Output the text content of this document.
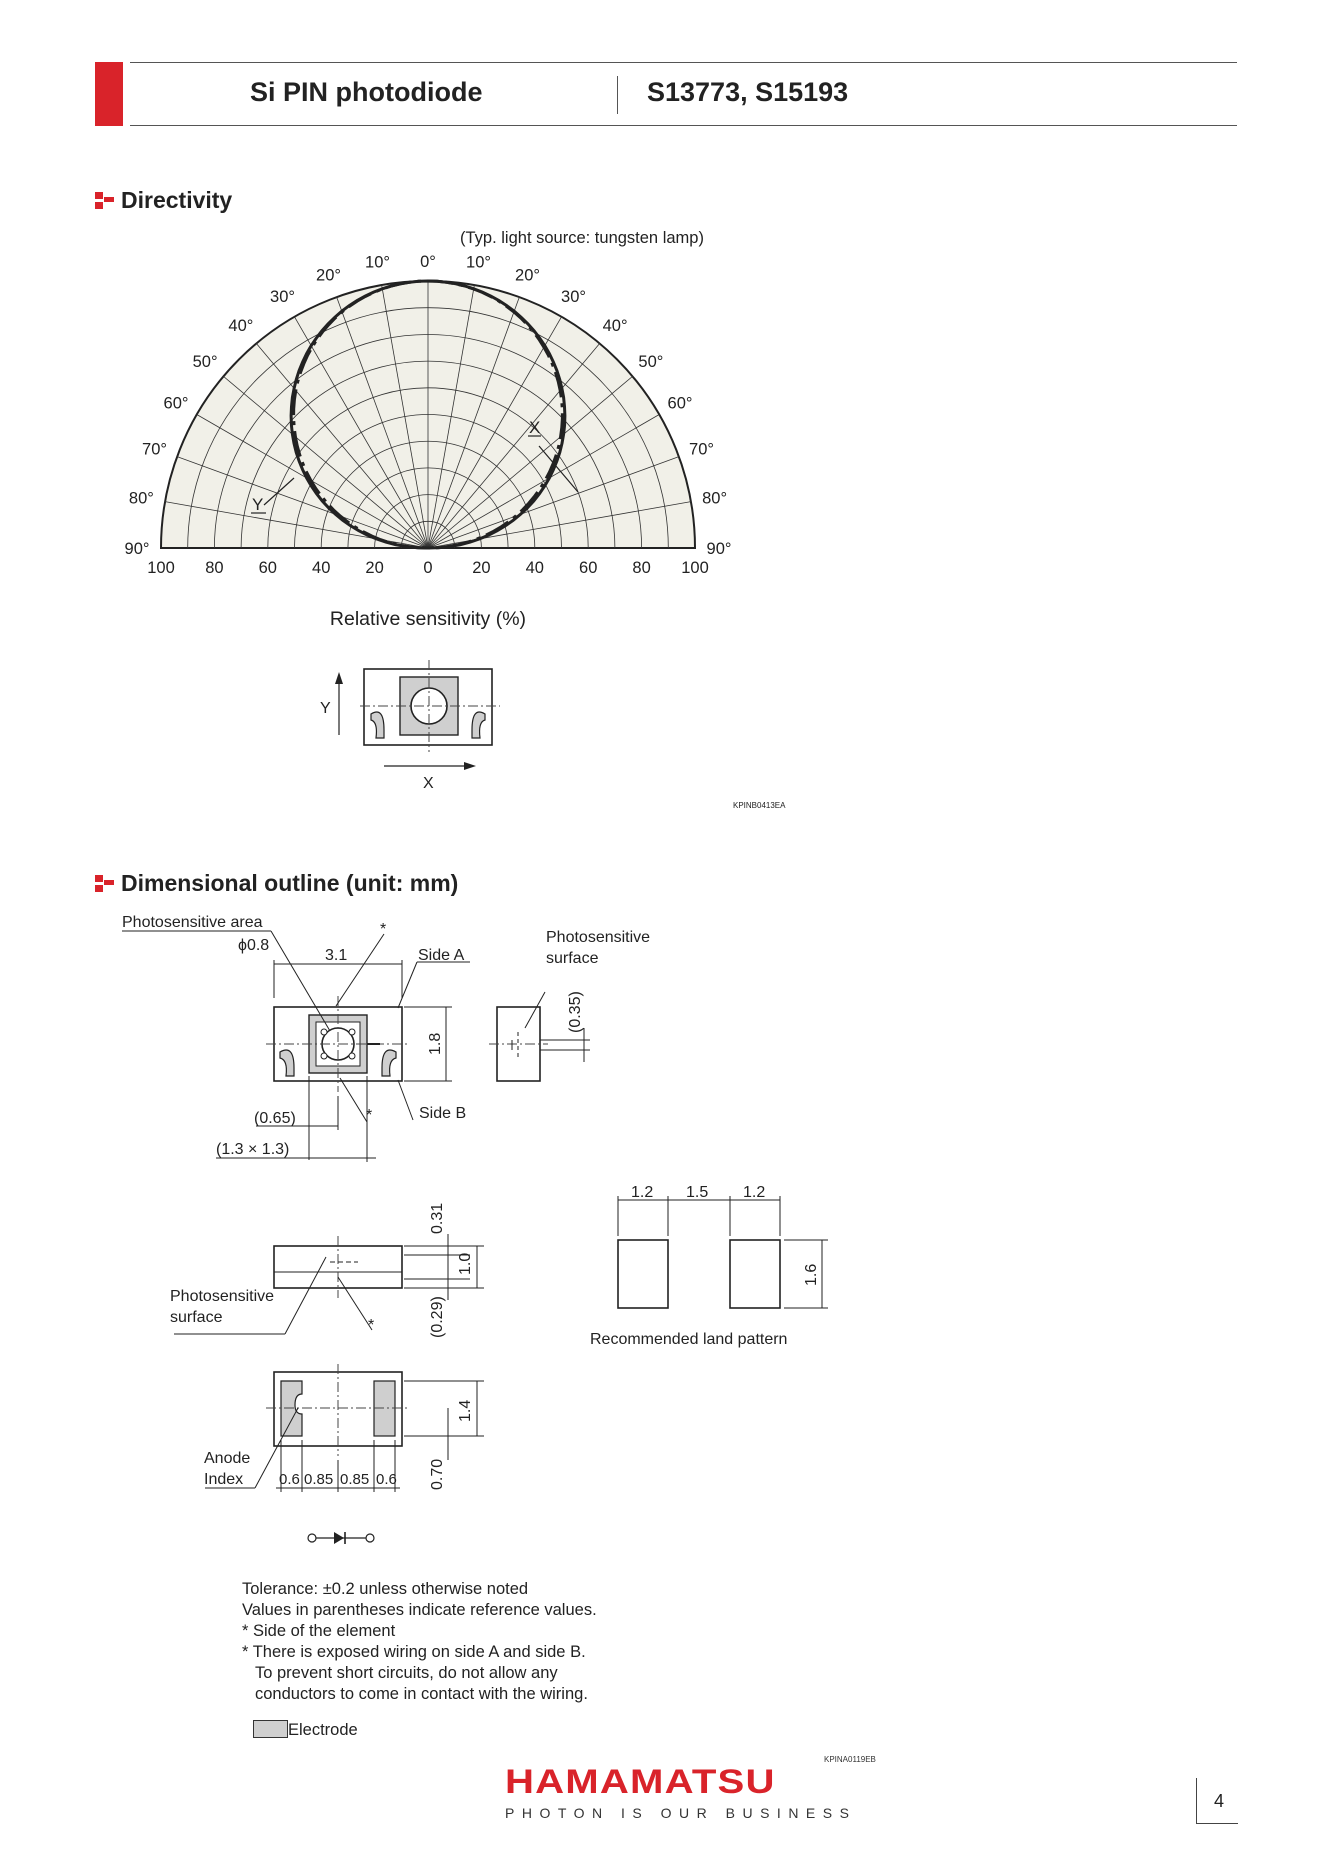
Si PIN photodiode	S13773, S15193
Directivity
0°
10°	10°
20°	20°
30°	30°
40°	40°
50°	50°
60°	60°
70°	70°
80°	80°
90°	90°
100 80 60 40 20 0 20 40 60 80 100
(Typ. light source: tungsten lamp)
X
Y
Relative sensitivity (%)
Y
X
KPINB0413EA
Dimensional outline (unit: mm)
Photosensitive area
ϕ0.8
*
3.1	Side A
1.8
Side B
*
(0.65)
(1.3 × 1.3)
Photosensitive
surface
(0.35)
0.31
1.0
(0.29)
Photosensitive
surface	*
1.2 1.5 1.2
1.6
Recommended land pattern
1.4
0.70
Anode
Index 0.6 0.85 0.85 0.6
Tolerance: ±0.2 unless otherwise noted
Values in parentheses indicate reference values.
* Side of the element
* There is exposed wiring on side A and side B.
To prevent short circuits, do not allow any
conductors to come in contact with the wiring.
Electrode
KPINA0119EB
HAMAMATSU
PHOTON IS OUR BUSINESS
4
